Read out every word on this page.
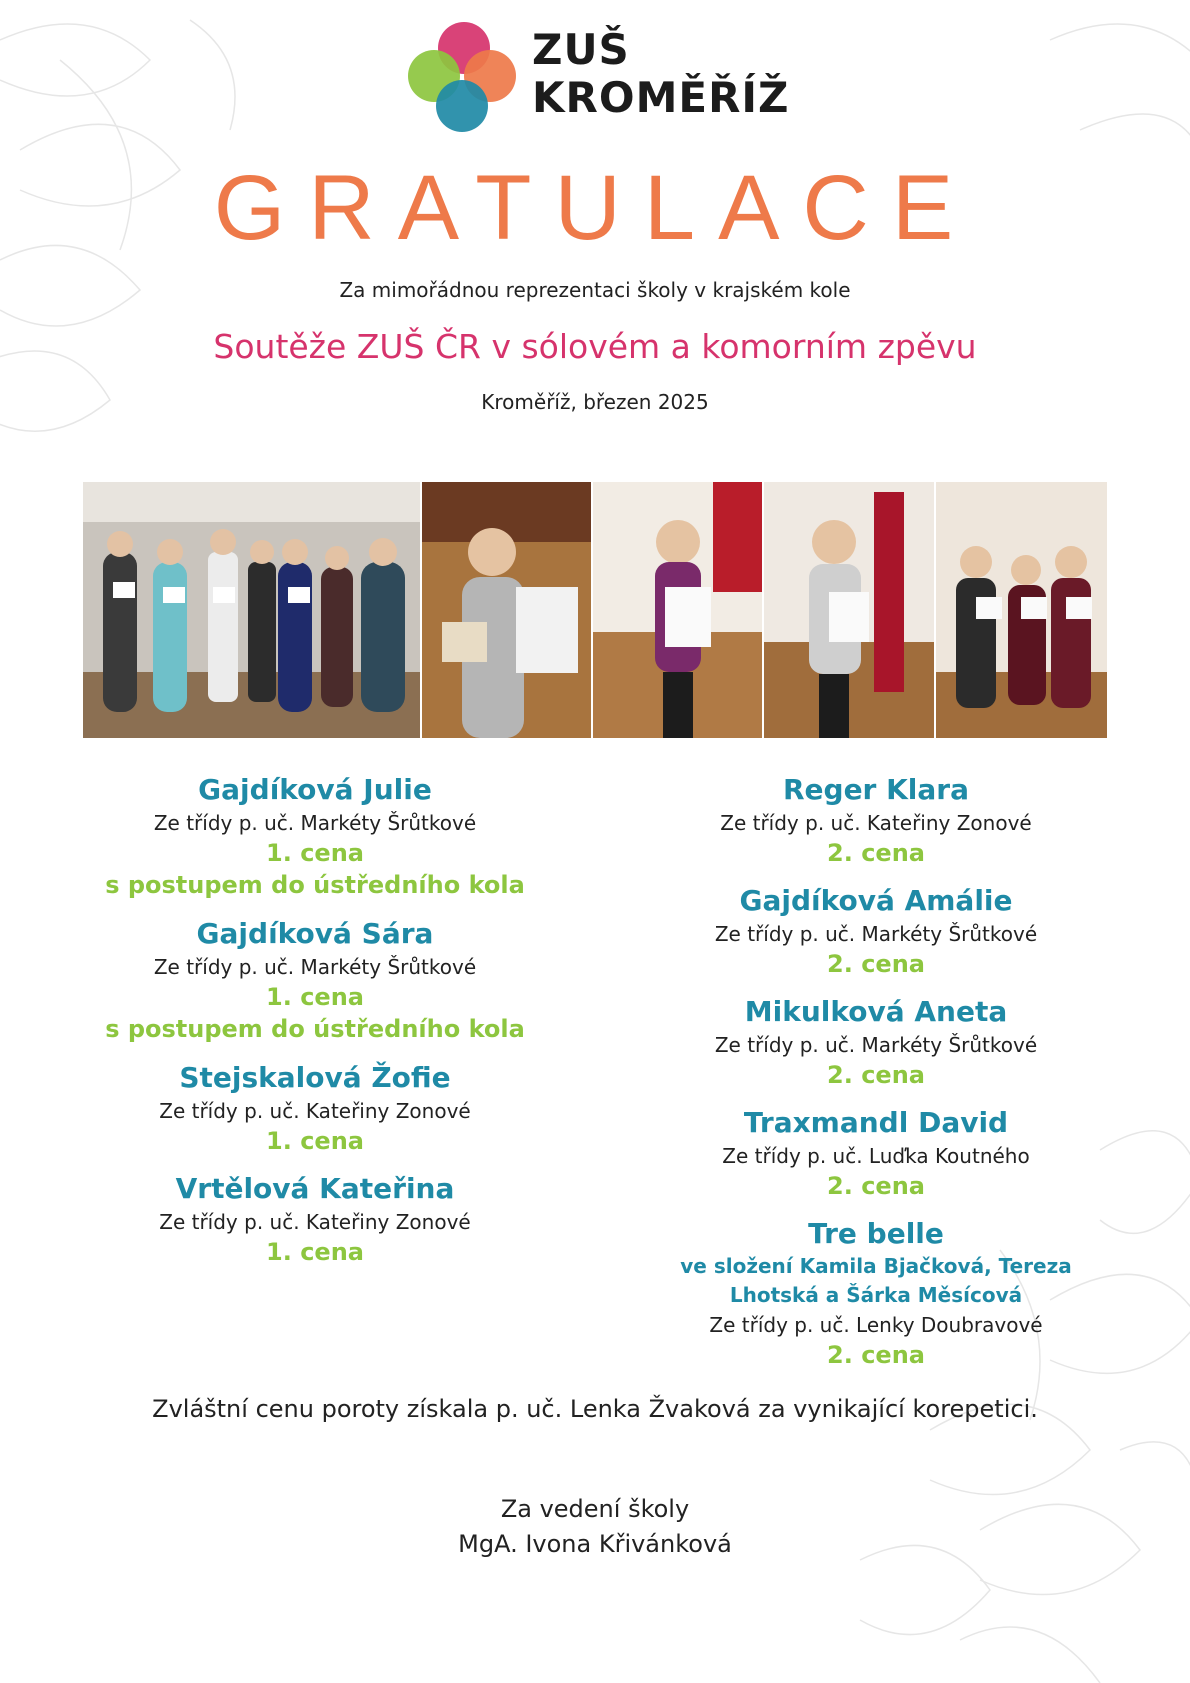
ZUŠ
KROMĚŘÍŽ
GRATULACE
Za mimořádnou reprezentaci školy v krajském kole
Soutěže ZUŠ ČR v sólovém a komorním zpěvu
Kroměříž, březen 2025
Gajdíková Julie
Ze třídy p. uč. Markéty Šrůtkové
1. cena
s postupem do ústředního kola
Gajdíková Sára
Ze třídy p. uč. Markéty Šrůtkové
1. cena
s postupem do ústředního kola
Stejskalová Žofie
Ze třídy p. uč. Kateřiny Zonové
1. cena
Vrtělová Kateřina
Ze třídy p. uč. Kateřiny Zonové
1. cena
Reger Klara
Ze třídy p. uč. Kateřiny Zonové
2. cena
Gajdíková Amálie
Ze třídy p. uč. Markéty Šrůtkové
2. cena
Mikulková Aneta
Ze třídy p. uč. Markéty Šrůtkové
2. cena
Traxmandl David
Ze třídy p. uč. Luďka Koutného
2. cena
Tre belle
ve složení Kamila Bjačková, Tereza
Lhotská a Šárka Měsícová
Ze třídy p. uč. Lenky Doubravové
2. cena
Zvláštní cenu poroty získala p. uč. Lenka Žvaková za vynikající korepetici.
Za vedení školy
MgA. Ivona Křivánková
